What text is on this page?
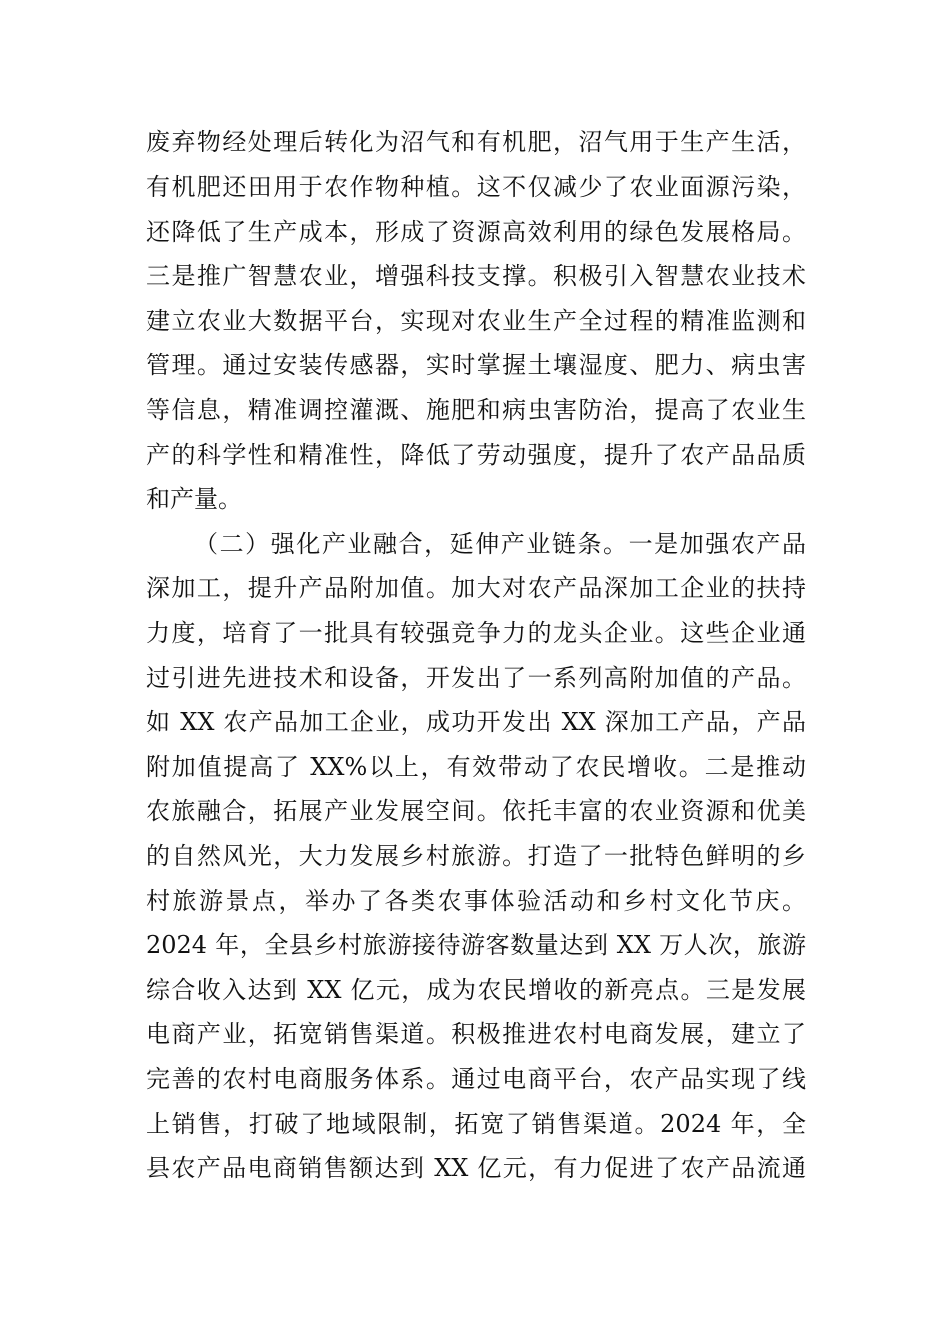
废弃物经处理后转化为沼气和有机肥，沼气用于生产生活，
有机肥还田用于农作物种植。这不仅减少了农业面源污染，
还降低了生产成本，形成了资源高效利用的绿色发展格局。
三是推广智慧农业，增强科技支撑。积极引入智慧农业技术
建立农业大数据平台，实现对农业生产全过程的精准监测和
管理。通过安装传感器，实时掌握土壤湿度、肥力、病虫害
等信息，精准调控灌溉、施肥和病虫害防治，提高了农业生
产的科学性和精准性，降低了劳动强度，提升了农产品品质
和产量。
（二）强化产业融合，延伸产业链条。一是加强农产品
深加工，提升产品附加值。加大对农产品深加工企业的扶持
力度，培育了一批具有较强竞争力的龙头企业。这些企业通
过引进先进技术和设备，开发出了一系列高附加值的产品。
如 XX 农产品加工企业，成功开发出 XX 深加工产品，产品
附加值提高了 XX%以上，有效带动了农民增收。二是推动
农旅融合，拓展产业发展空间。依托丰富的农业资源和优美
的自然风光，大力发展乡村旅游。打造了一批特色鲜明的乡
村旅游景点，举办了各类农事体验活动和乡村文化节庆。
2024 年，全县乡村旅游接待游客数量达到 XX 万人次，旅游
综合收入达到 XX 亿元，成为农民增收的新亮点。三是发展
电商产业，拓宽销售渠道。积极推进农村电商发展，建立了
完善的农村电商服务体系。通过电商平台，农产品实现了线
上销售，打破了地域限制，拓宽了销售渠道。2024 年，全
县农产品电商销售额达到 XX 亿元，有力促进了农产品流通
